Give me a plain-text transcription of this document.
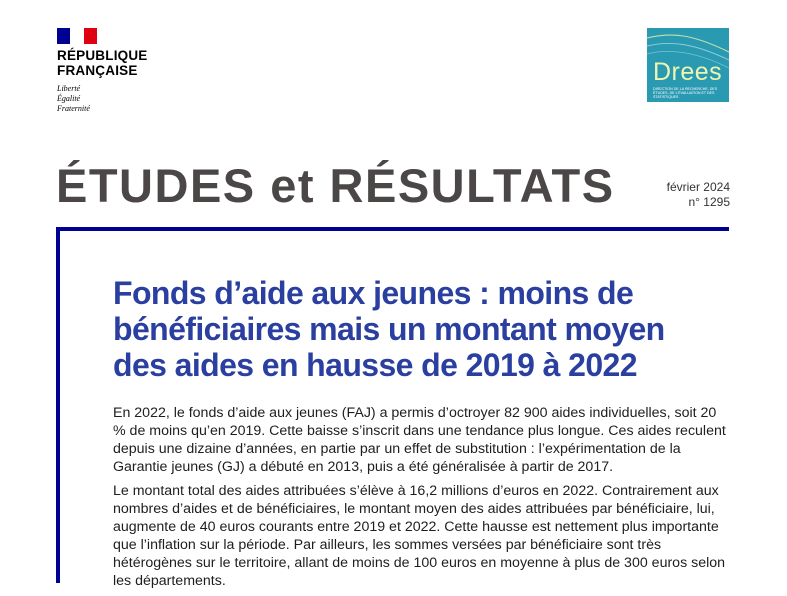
RÉPUBLIQUE
FRANÇAISE
Liberté
Égalité
Fraternité
Drees
DIRECTION DE LA RECHERCHE, DES ÉTUDES, DE L'ÉVALUATION ET DES STATISTIQUES
ÉTUDES et RÉSULTATS	février 2024
n° 1295
Fonds d’aide aux jeunes : moins de bénéficiaires mais un montant moyen des aides en hausse de 2019 à 2022

En 2022, le fonds d’aide aux jeunes (FAJ) a permis d’octroyer 82 900 aides individuelles, soit 20 % de moins qu’en 2019. Cette baisse s’inscrit dans une tendance plus longue. Ces aides reculent depuis une dizaine d’années, en partie par un effet de substitution : l’expérimentation de la Garantie jeunes (GJ) a débuté en 2013, puis a été généralisée à partir de 2017.

Le montant total des aides attribuées s’élève à 16,2 millions d’euros en 2022. Contrairement aux nombres d’aides et de bénéficiaires, le montant moyen des aides attribuées par bénéficiaire, lui, augmente de 40 euros courants entre 2019 et 2022. Cette hausse est nettement plus importante que l’inflation sur la période. Par ailleurs, les sommes versées par bénéficiaire sont très hétérogènes sur le territoire, allant de moins de 100 euros en moyenne à plus de 300 euros selon les départements.
